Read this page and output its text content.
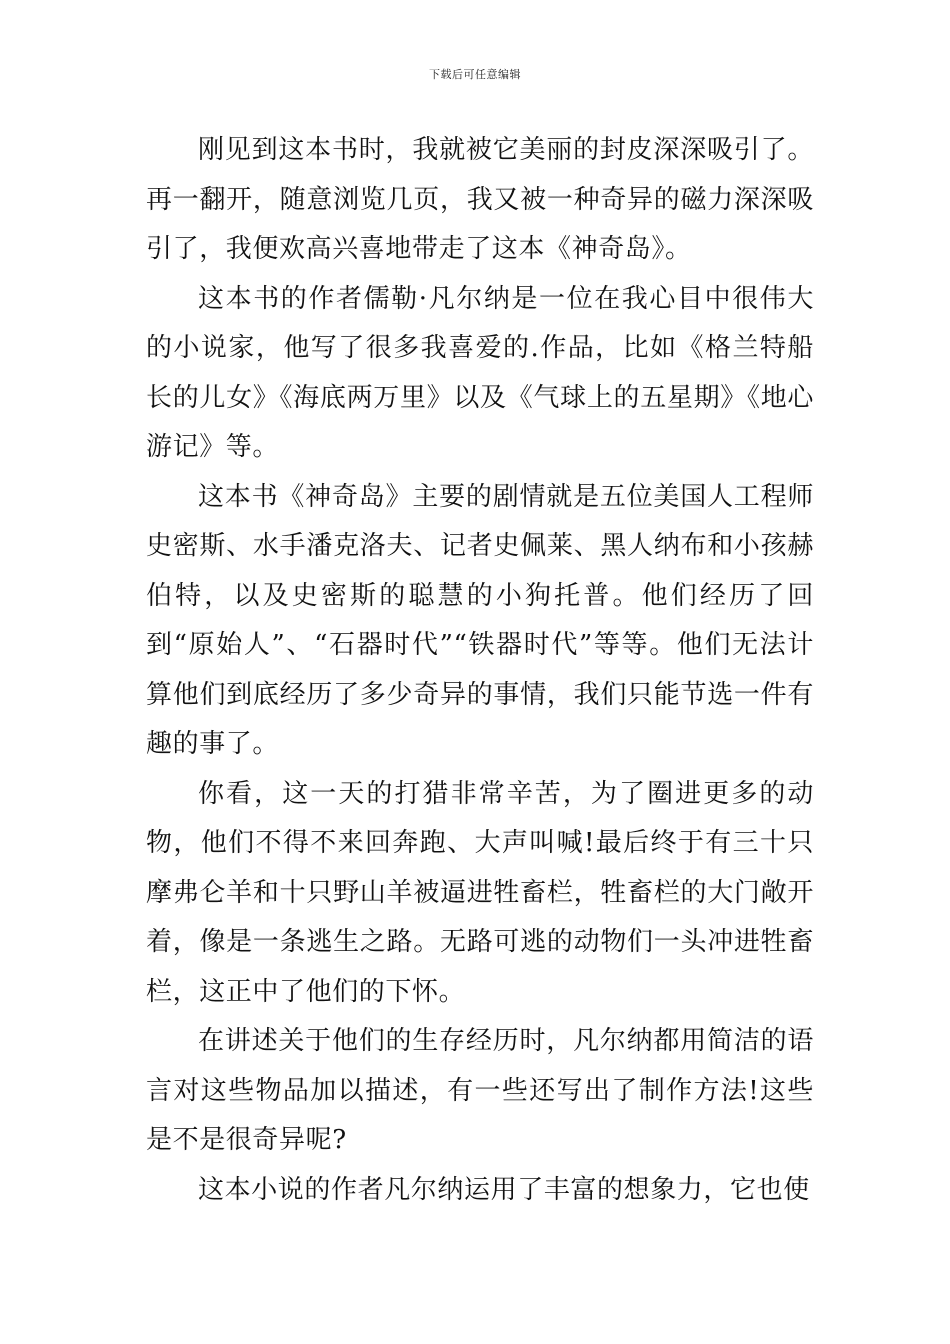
下载后可任意编辑

刚见到这本书时，我就被它美丽的封皮深深吸引了。再一翻开，随意浏览几页，我又被一种奇异的磁力深深吸引了，我便欢高兴喜地带走了这本《神奇岛》。

这本书的作者儒勒·凡尔纳是一位在我心目中很伟大的小说家，他写了很多我喜爱的.作品，比如《格兰特船长的儿女》《海底两万里》以及《气球上的五星期》《地心游记》等。

这本书《神奇岛》主要的剧情就是五位美国人工程师史密斯、水手潘克洛夫、记者史佩莱、黑人纳布和小孩赫伯特，以及史密斯的聪慧的小狗托普。他们经历了回到“原始人”、“石器时代”“铁器时代”等等。他们无法计算他们到底经历了多少奇异的事情，我们只能节选一件有趣的事了。

你看，这一天的打猎非常辛苦，为了圈进更多的动物，他们不得不来回奔跑、大声叫喊!最后终于有三十只摩弗仑羊和十只野山羊被逼进牲畜栏，牲畜栏的大门敞开着，像是一条逃生之路。无路可逃的动物们一头冲进牲畜栏，这正中了他们的下怀。

在讲述关于他们的生存经历时，凡尔纳都用简洁的语言对这些物品加以描述，有一些还写出了制作方法!这些是不是很奇异呢?

这本小说的作者凡尔纳运用了丰富的想象力，它也使
